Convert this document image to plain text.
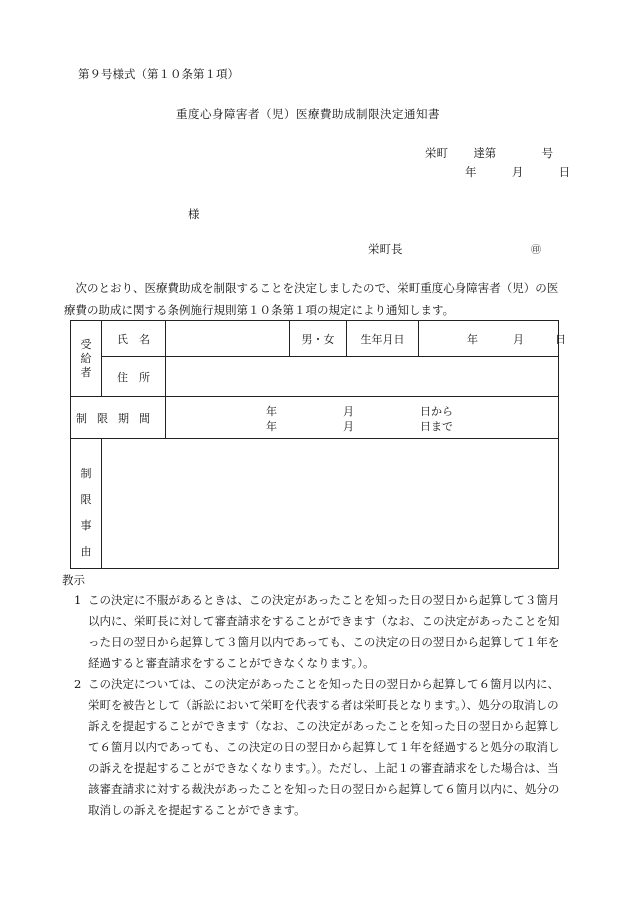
第９号様式（第１０条第１項）
重度心身障害者（児）医療費助成制限決定通知書
栄町 達第	号
年	月	日
様
栄町長	㊞
次のとおり、医療費助成を制限することを決定しましたので、栄町重度心身障害者（児）の医療費の助成に関する条例施行規則第１０条第１項の規定により通知します。
受給者	氏　名		男・女	生年月日	年 月 日
	住　所				
制限期間		年 月 日から
年 月 日まで			

制限事由					

教示
1 この決定に不服があるときは、この決定があったことを知った日の翌日から起算して３箇月以内に、栄町長に対して審査請求をすることができます（なお、この決定があったことを知った日の翌日から起算して３箇月以内であっても、この決定の日の翌日から起算して１年を経過すると審査請求をすることができなくなります。）。
2 この決定については、この決定があったことを知った日の翌日から起算して６箇月以内に、栄町を被告として（訴訟において栄町を代表する者は栄町長となります。）、処分の取消しの訴えを提起することができます（なお、この決定があったことを知った日の翌日から起算して６箇月以内であっても、この決定の日の翌日から起算して１年を経過すると処分の取消しの訴えを提起することができなくなります。）。ただし、上記１の審査請求をした場合は、当該審査請求に対する裁決があったことを知った日の翌日から起算して６箇月以内に、処分の取消しの訴えを提起することができます。
